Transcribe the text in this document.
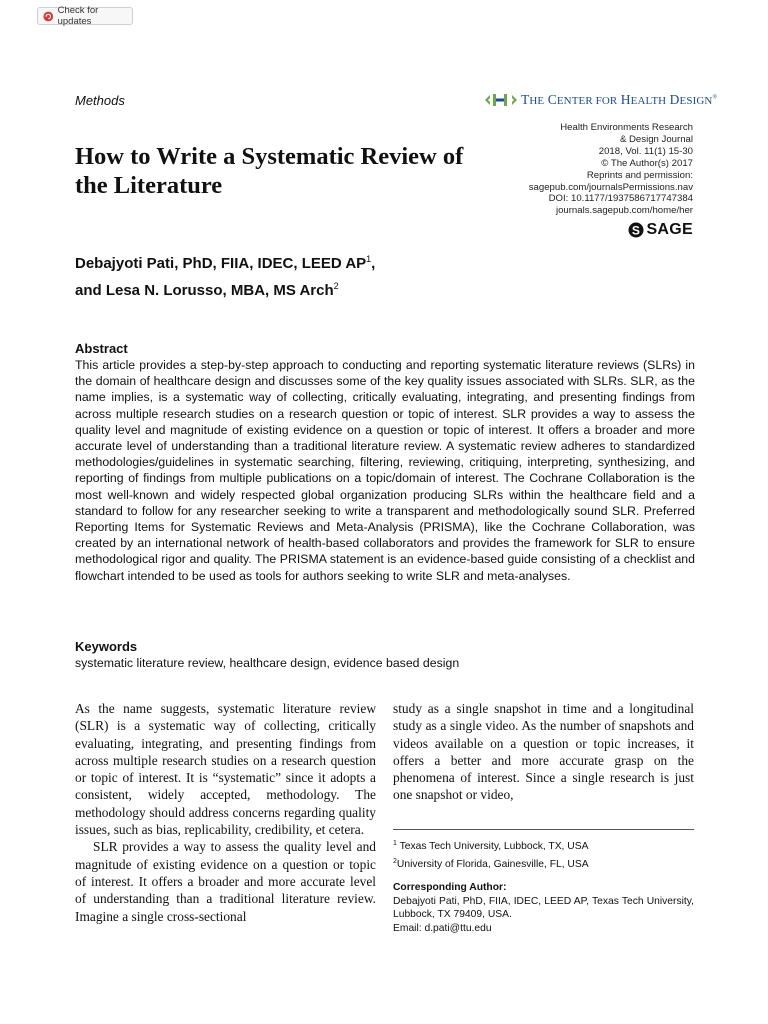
Check for updates
Methods	THE CENTER FOR HEALTH DESIGN®
Health Environments Research
& Design Journal
2018, Vol. 11(1) 15-30
© The Author(s) 2017
Reprints and permission:
sagepub.com/journalsPermissions.nav
DOI: 10.1177/1937586717747384
journals.sagepub.com/home/her
S SAGE
How to Write a Systematic Review of the Literature
Debajyoti Pati, PhD, FIIA, IDEC, LEED $AP^1$,
and Lesa N. Lorusso, MBA, MS Arch$^2$
Abstract

This article provides a step-by-step approach to conducting and reporting systematic literature reviews (SLRs) in the domain of healthcare design and discusses some of the key quality issues associated with SLRs. SLR, as the name implies, is a systematic way of collecting, critically evaluating, integrating, and presenting findings from across multiple research studies on a research question or topic of interest. SLR provides a way to assess the quality level and magnitude of existing evidence on a question or topic of interest. It offers a broader and more accurate level of understanding than a traditional literature review. A systematic review adheres to standardized methodologies/guidelines in systematic searching, filtering, reviewing, critiquing, interpreting, synthesizing, and reporting of findings from multiple publications on a topic/domain of interest. The Cochrane Collaboration is the most well-known and widely respected global organization producing SLRs within the healthcare field and a standard to follow for any researcher seeking to write a transparent and methodologically sound SLR. Preferred Reporting Items for Systematic Reviews and Meta-Analysis (PRISMA), like the Cochrane Collaboration, was created by an international network of health-based collaborators and provides the framework for SLR to ensure methodological rigor and quality. The PRISMA statement is an evidence-based guide consisting of a checklist and flowchart intended to be used as tools for authors seeking to write SLR and meta-analyses.

Keywords

systematic literature review, healthcare design, evidence based design

As the name suggests, systematic literature review (SLR) is a systematic way of collecting, critically evaluating, integrating, and presenting findings from across multiple research studies on a research question or topic of interest. It is “systematic” since it adopts a consistent, widely accepted, methodology. The methodology should address concerns regarding quality issues, such as bias, replicability, credibility, et cetera.

SLR provides a way to assess the quality level and magnitude of existing evidence on a question or topic of interest. It offers a broader and more accurate level of understanding than a traditional literature review. Imagine a single cross-sectional

study as a single snapshot in time and a longitudinal study as a single video. As the number of snapshots and videos available on a question or topic increases, it offers a better and more accurate grasp on the phenomena of interest. Since a single research is just one snapshot or video,

$^1$ Texas Tech University, Lubbock, TX, USA
$^2$University of Florida, Gainesville, FL, USA
Corresponding Author:
Debajyoti Pati, PhD, FIIA, IDEC, LEED AP, Texas Tech University, Lubbock, TX 79409, USA.
Email: d.pati@ttu.edu
